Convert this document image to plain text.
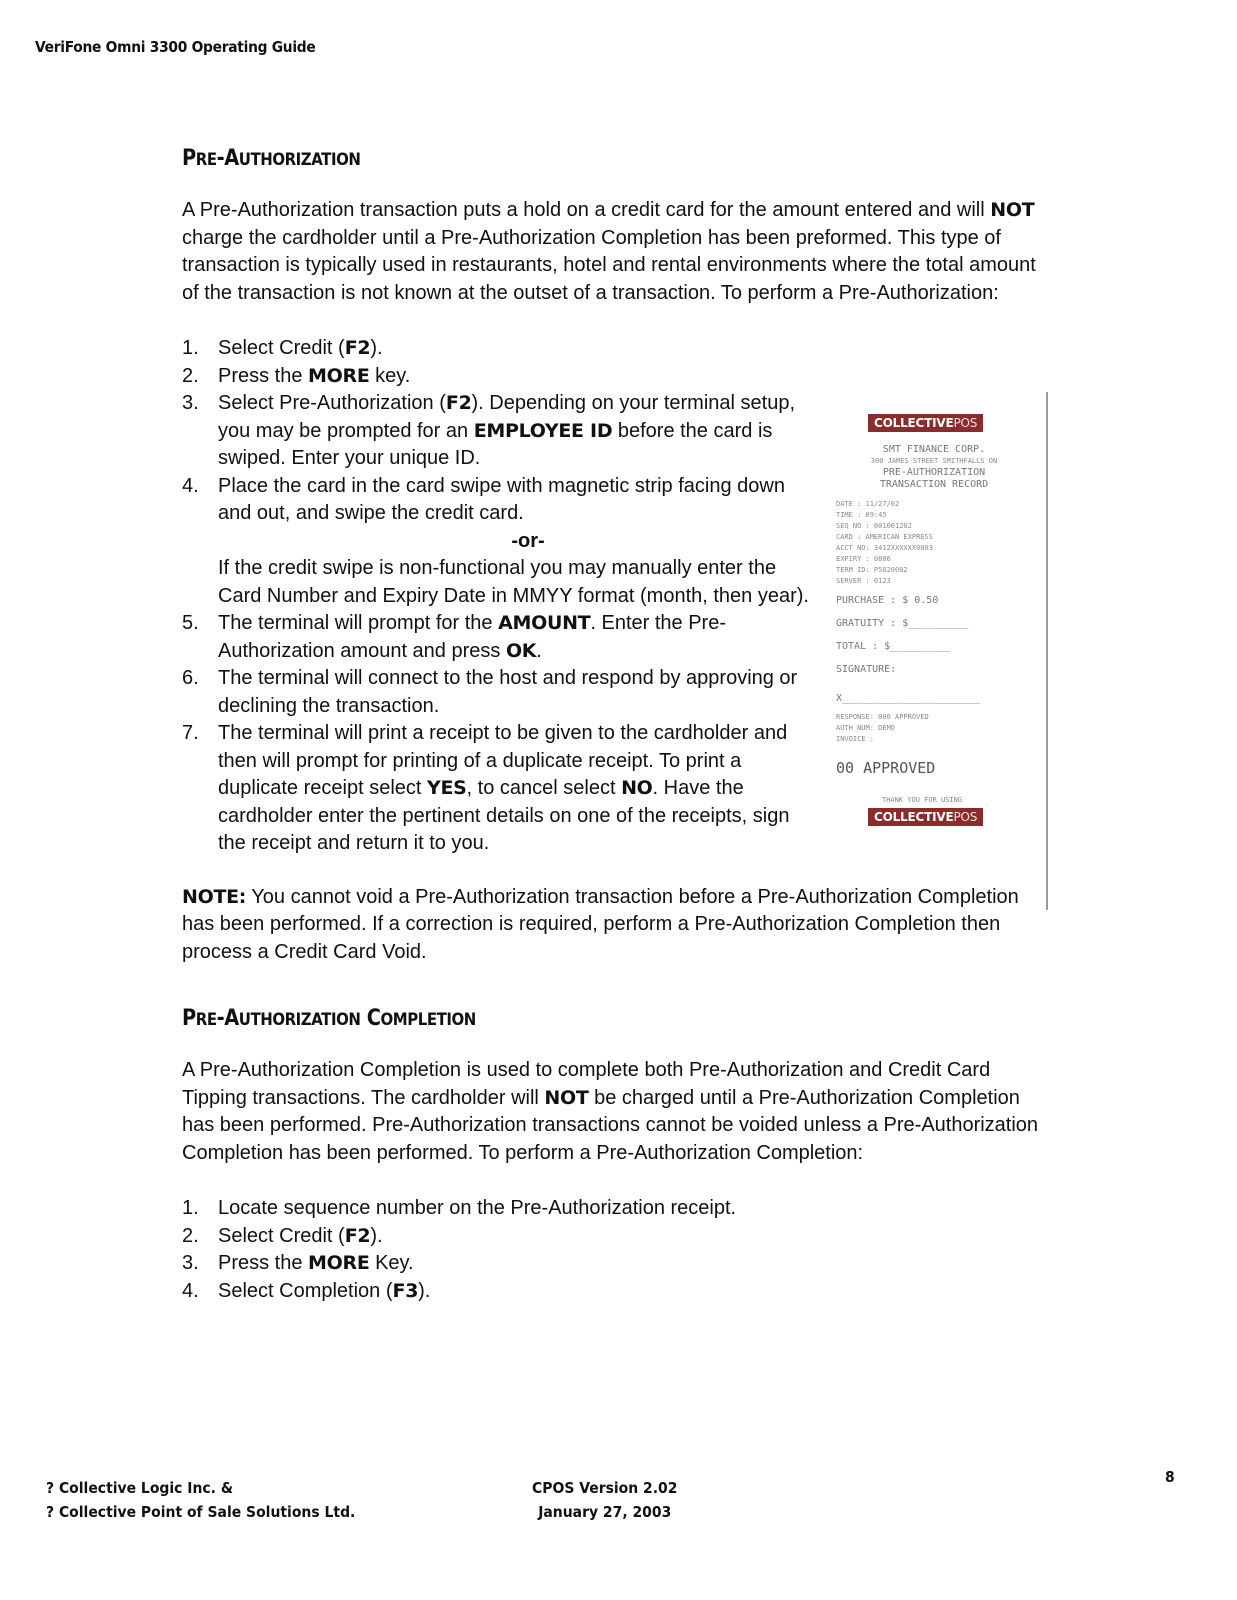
VeriFone Omni 3300 Operating Guide
PRE-AUTHORIZATION

A Pre-Authorization transaction puts a hold on a credit card for the amount entered and will NOT charge the cardholder until a Pre-Authorization Completion has been preformed. This type of transaction is typically used in restaurants, hotel and rental environments where the total amount of the transaction is not known at the outset of a transaction. To perform a Pre-Authorization:

1. Select Credit (F2).
2. Press the MORE key.
3. Select Pre-Authorization (F2). Depending on your terminal setup, you may be prompted for an EMPLOYEE ID before the card is swiped. Enter your unique ID.
4. Place the card in the card swipe with magnetic strip facing down and out, and swipe the credit card.
-or-
If the credit swipe is non-functional you may manually enter the Card Number and Expiry Date in MMYY format (month, then year).
5. The terminal will prompt for the AMOUNT. Enter the Pre-Authorization amount and press OK.
6. The terminal will connect to the host and respond by approving or declining the transaction.
7. The terminal will print a receipt to be given to the cardholder and then will prompt for printing of a duplicate receipt. To print a duplicate receipt select YES, to cancel select NO. Have the cardholder enter the pertinent details on one of the receipts, sign the receipt and return it to you.

NOTE: You cannot void a Pre-Authorization transaction before a Pre-Authorization Completion has been performed. If a correction is required, perform a Pre-Authorization Completion then process a Credit Card Void.

PRE-AUTHORIZATION COMPLETION

A Pre-Authorization Completion is used to complete both Pre-Authorization and Credit Card Tipping transactions. The cardholder will NOT be charged until a Pre-Authorization Completion has been performed. Pre-Authorization transactions cannot be voided unless a Pre-Authorization Completion has been performed. To perform a Pre-Authorization Completion:

1. Locate sequence number on the Pre-Authorization receipt.
2. Select Credit (F2).
3. Press the MORE Key.
4. Select Completion (F3).
COLLECTIVEPOS
SMT FINANCE CORP.
300 JAMES STREET SMITHFALLS ON
PRE-AUTHORIZATION
TRANSACTION RECORD
DATE : 11/27/02
TIME : 09:45
SEQ NO : 001001202
CARD : AMERICAN EXPRESS
ACCT NO: 3412XXXXXX0003
EXPIRY : 0806
TERM ID: P5020002
SERVER : 0123
PURCHASE : $ 0.50
GRATUITY : $__________
TOTAL : $__________
SIGNATURE:
X_______________________
RESPONSE: 000 APPROVED
AUTH NUM: DEMO
INVOICE :
00 APPROVED
THANK YOU FOR USING
COLLECTIVEPOS
? Collective Logic Inc. &
? Collective Point of Sale Solutions Ltd.
CPOS Version 2.02
January 27, 2003
8
